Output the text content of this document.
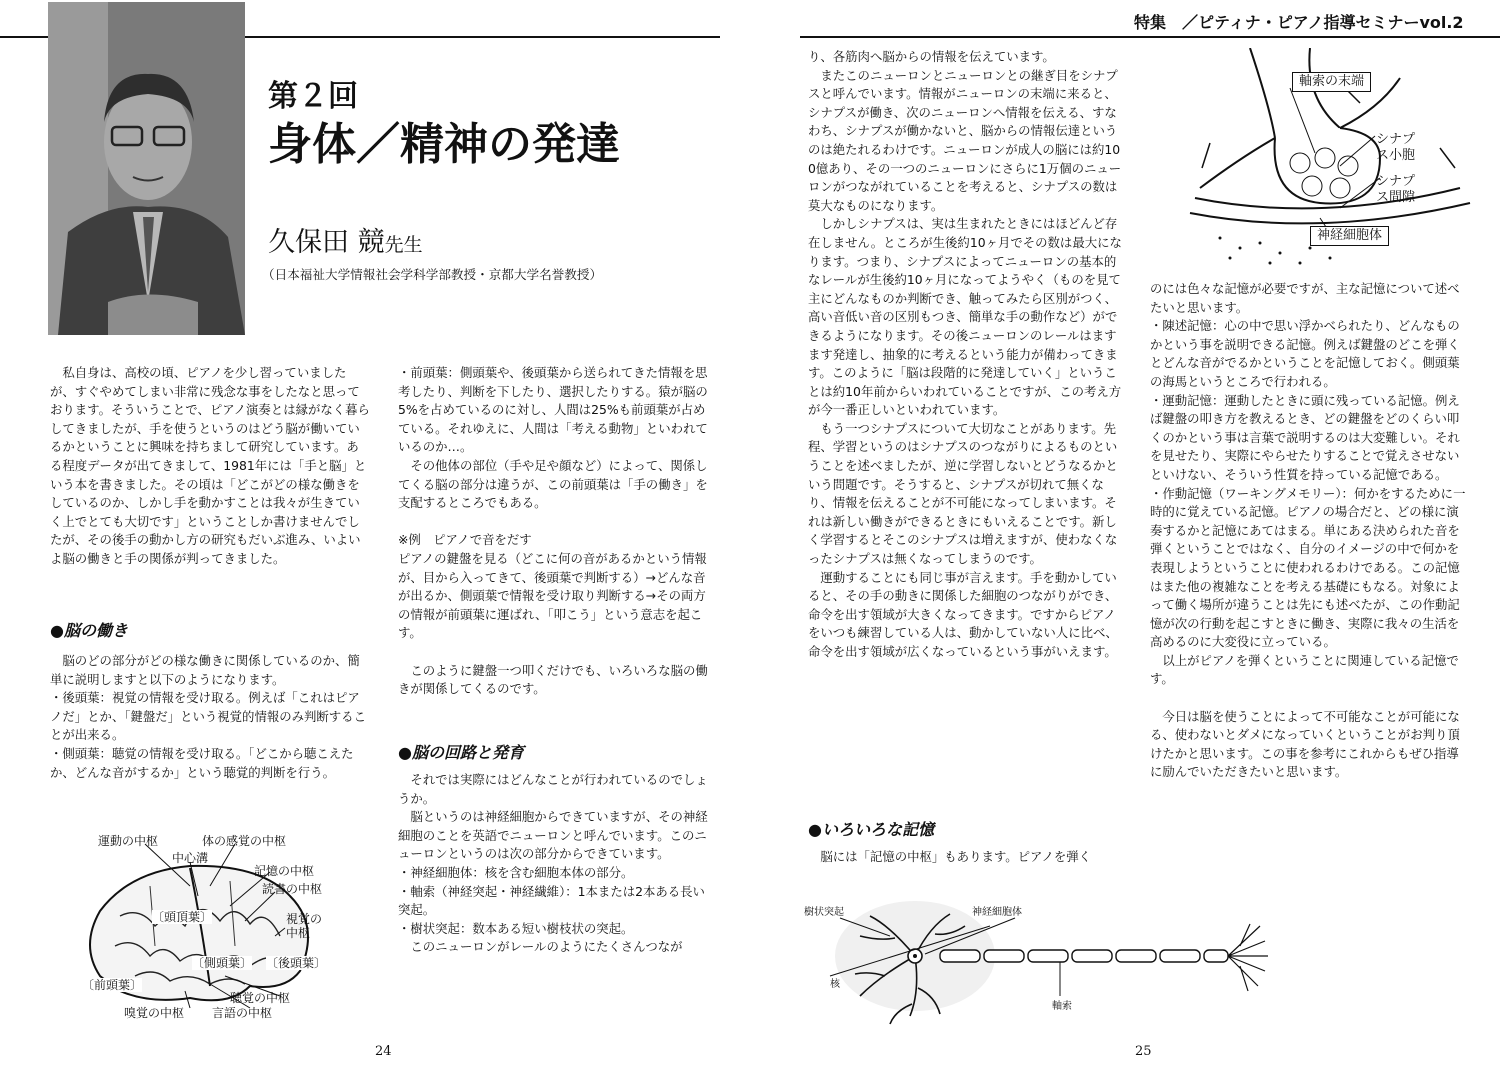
第２回
身体／精神の発達
久保田 競先生
（日本福祉大学情報社会学科学部教授・京都大学名誉教授）

　私自身は、高校の頃、ピアノを少し習っていましたが、すぐやめてしまい非常に残念な事をしたなと思っております。そういうことで、ピアノ演奏とは縁がなく暮らしてきましたが、手を使うというのはどう脳が働いているかということに興味を持ちまして研究しています。ある程度データが出てきまして、1981年には「手と脳」という本を書きました。その頃は「どこがどの様な働きをしているのか、しかし手を動かすことは我々が生きていく上でとても大切です」ということしか書けませんでしたが、その後手の動かし方の研究もだいぶ進み、いよいよ脳の働きと手の関係が判ってきました。

●脳の働き

　脳のどの部分がどの様な働きに関係しているのか、簡単に説明しますと以下のようになります。
・後頭葉：視覚の情報を受け取る。例えば「これはピアノだ」とか、「鍵盤だ」という視覚的情報のみ判断することが出来る。
・側頭葉：聴覚の情報を受け取る。「どこから聴こえたか、どんな音がするか」という聴覚的判断を行う。

運動の中枢	体の感覚の中枢
中心溝
記憶の中枢
読書の中枢
〔頭頂葉〕	視覚の中枢
〔側頭葉〕 〔後頭葉〕
〔前頭葉〕
聴覚の中枢
嗅覚の中枢 言語の中枢

・前頭葉：側頭葉や、後頭葉から送られてきた情報を思考したり、判断を下したり、選択したりする。猿が脳の5%を占めているのに対し、人間は25%も前頭葉が占めている。それゆえに、人間は「考える動物」といわれているのか…。
　その他体の部位（手や足や顔など）によって、関係してくる脳の部分は違うが、この前頭葉は「手の働き」を支配するところでもある。

※例　ピアノで音をだす
ピアノの鍵盤を見る（どこに何の音があるかという情報が、目から入ってきて、後頭葉で判断する）→どんな音が出るか、側頭葉で情報を受け取り判断する→その両方の情報が前頭葉に運ばれ、「叩こう」という意志を起こす。

　このように鍵盤一つ叩くだけでも、いろいろな脳の働きが関係してくるのです。

●脳の回路と発育

　それでは実際にはどんなことが行われているのでしょうか。
　脳というのは神経細胞からできていますが、その神経細胞のことを英語でニューロンと呼んでいます。このニューロンというのは次の部分からできています。
・神経細胞体：核を含む細胞本体の部分。
・軸索（神経突起・神経繊維）：1本または2本ある長い突起。
・樹状突起：数本ある短い樹枝状の突起。
　このニューロンがレールのようにたくさんつなが

24
特集　／ピティナ・ピアノ指導セミナーvol.2

り、各筋肉へ脳からの情報を伝えています。
　またこのニューロンとニューロンとの継ぎ目をシナプスと呼んでいます。情報がニューロンの末端に来ると、シナプスが働き、次のニューロンへ情報を伝える、すなわち、シナプスが働かないと、脳からの情報伝達というのは絶たれるわけです。ニューロンが成人の脳には約100億あり、その一つのニューロンにさらに1万個のニューロンがつながれていることを考えると、シナプスの数は莫大なものになります。
　しかしシナプスは、実は生まれたときにはほどんど存在しません。ところが生後約10ヶ月でその数は最大になります。つまり、シナプスによってニューロンの基本的なレールが生後約10ヶ月になってようやく（ものを見て主にどんなものか判断でき、触ってみたら区別がつく、高い音低い音の区別もつき、簡単な手の動作など）ができるようになります。その後ニューロンのレールはますます発達し、抽象的に考えるという能力が備わってきます。このように「脳は段階的に発達していく」ということは約10年前からいわれていることですが、この考え方が今一番正しいといわれています。
　もう一つシナプスについて大切なことがあります。先程、学習というのはシナプスのつながりによるものということを述べましたが、逆に学習しないとどうなるかという問題です。そうすると、シナプスが切れて無くなり、情報を伝えることが不可能になってしまいます。それは新しい働きができるときにもいえることです。新しく学習するとそこのシナプスは増えますが、使わなくなったシナプスは無くなってしまうのです。
　運動することにも同じ事が言えます。手を動かしていると、その手の動きに関係した細胞のつながりができ、命令を出す領域が大きくなってきます。ですからピアノをいつも練習している人は、動かしていない人に比べ、命令を出す領域が広くなっているという事がいえます。

●いろいろな記憶

　脳には「記憶の中枢」もあります。ピアノを弾く

軸索の末端
シナプス小胞
シナプス間隙
神経細胞体
樹状突起	神経細胞体
核
軸索

のには色々な記憶が必要ですが、主な記憶について述べたいと思います。
・陳述記憶：心の中で思い浮かべられたり、どんなものかという事を説明できる記憶。例えば鍵盤のどこを弾くとどんな音がでるかということを記憶しておく。側頭葉の海馬というところで行われる。
・運動記憶：運動したときに頭に残っている記憶。例えば鍵盤の叩き方を教えるとき、どの鍵盤をどのくらい叩くのかという事は言葉で説明するのは大変難しい。それを見せたり、実際にやらせたりすることで覚えさせないといけない、そういう性質を持っている記憶である。
・作動記憶（ワーキングメモリー）：何かをするために一時的に覚えている記憶。ピアノの場合だと、どの様に演奏するかと記憶にあてはまる。単にある決められた音を弾くということではなく、自分のイメージの中で何かを表現しようということに使われるわけである。この記憶はまた他の複雑なことを考える基礎にもなる。対象によって働く場所が違うことは先にも述べたが、この作動記憶が次の行動を起こすときに働き、実際に我々の生活を高めるのに大変役に立っている。
　以上がピアノを弾くということに関連している記憶です。

　今日は脳を使うことによって不可能なことが可能になる、使わないとダメになっていくということがお判り頂けたかと思います。この事を参考にこれからもぜひ指導に励んでいただきたいと思います。

25
